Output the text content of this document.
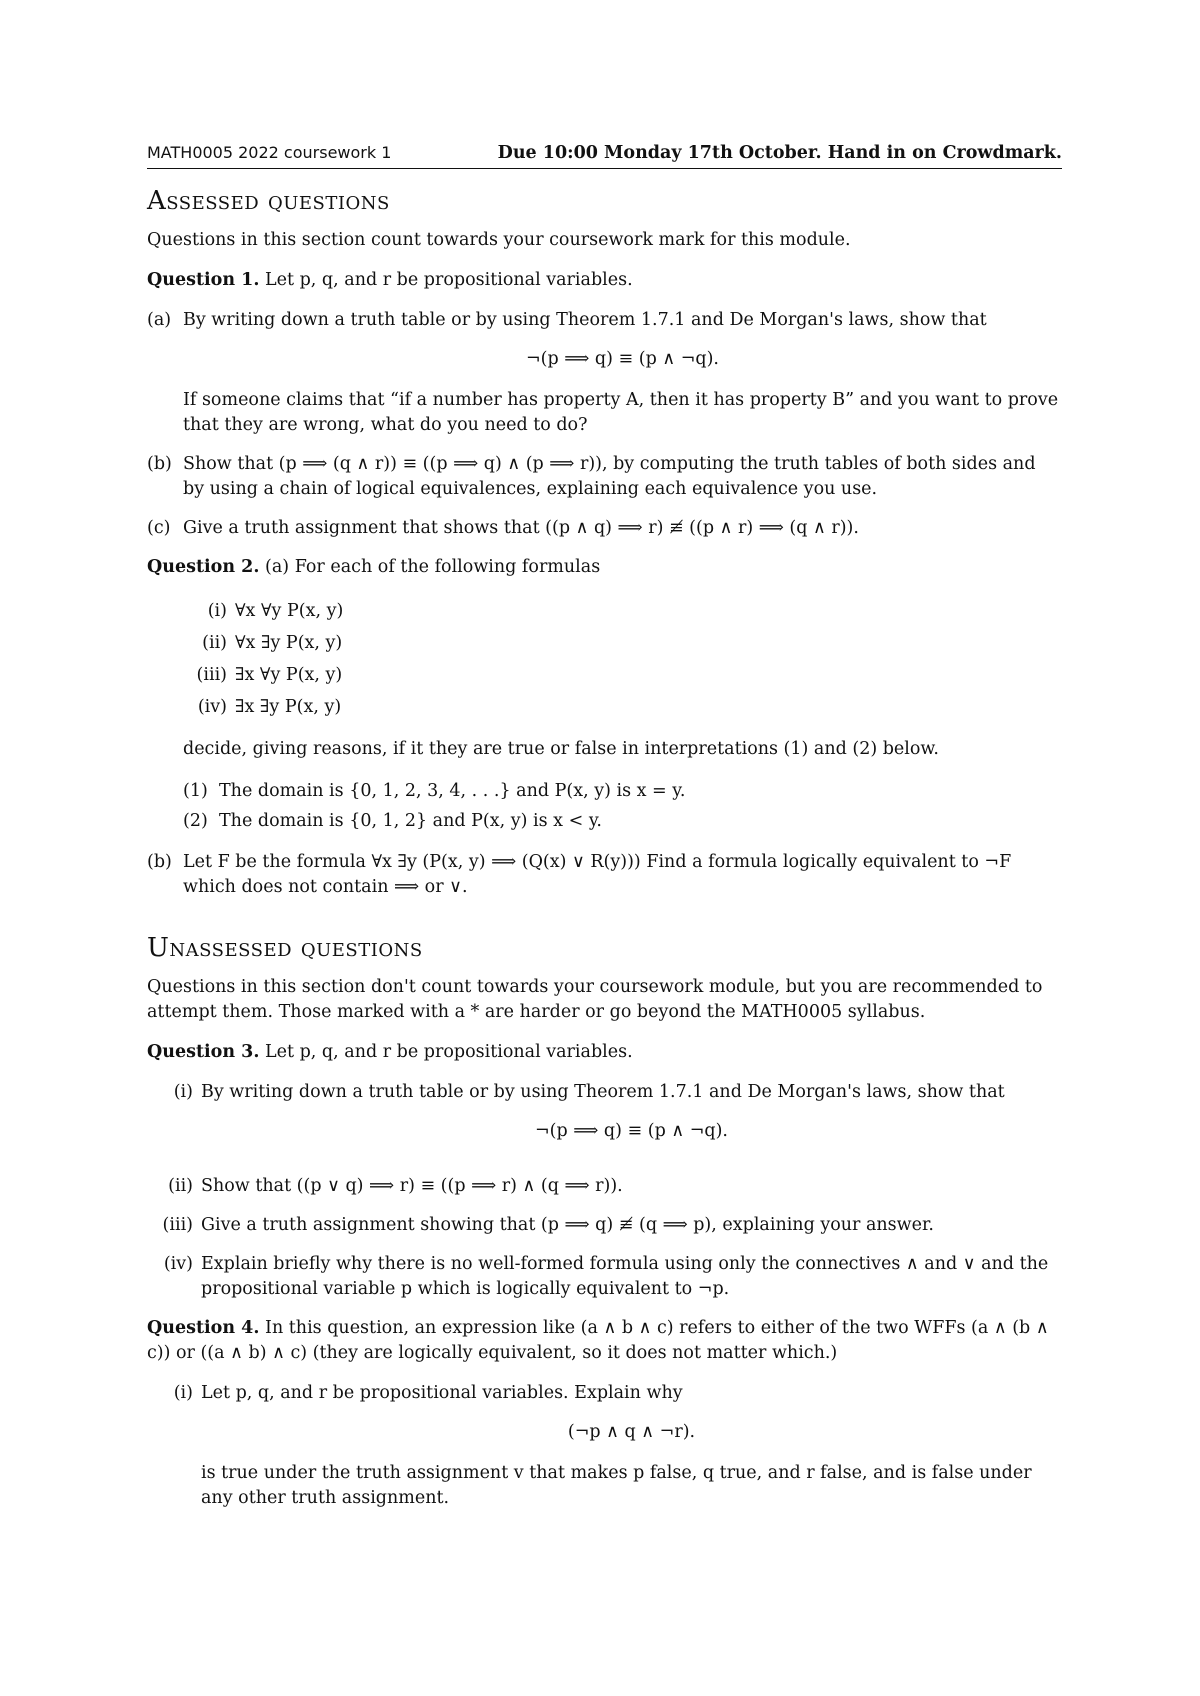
MATH0005 2022 coursework 1	Due 10:00 Monday 17th October. Hand in on Crowdmark.
Assessed questions

Questions in this section count towards your coursework mark for this module.

Question 1. Let p, q, and r be propositional variables.

(a) By writing down a truth table or by using Theorem 1.7.1 and De Morgan's laws, show that
¬(p ⟹ q) ≡ (p ∧ ¬q).
If someone claims that “if a number has property A, then it has property B” and you want to prove that they are wrong, what do you need to do?
(b) Show that (p ⟹ (q ∧ r)) ≡ ((p ⟹ q) ∧ (p ⟹ r)), by computing the truth tables of both sides and by using a chain of logical equivalences, explaining each equivalence you use.
(c) Give a truth assignment that shows that ((p ∧ q) ⟹ r) ≢ ((p ∧ r) ⟹ (q ∧ r)).

Question 2. (a) For each of the following formulas

(i) ∀x ∀y P(x, y)
(ii) ∀x ∃y P(x, y)
(iii) ∃x ∀y P(x, y)
(iv) ∃x ∃y P(x, y)

decide, giving reasons, if it they are true or false in interpretations (1) and (2) below.

(1) The domain is {0, 1, 2, 3, 4, . . .} and P(x, y) is x = y.
(2) The domain is {0, 1, 2} and P(x, y) is x < y.
(b) Let F be the formula ∀x ∃y (P(x, y) ⟹ (Q(x) ∨ R(y))) Find a formula logically equivalent to ¬F which does not contain ⟹ or ∨.
Unassessed questions

Questions in this section don't count towards your coursework module, but you are recommended to attempt them. Those marked with a * are harder or go beyond the MATH0005 syllabus.

Question 3. Let p, q, and r be propositional variables.

(i) By writing down a truth table or by using Theorem 1.7.1 and De Morgan's laws, show that
¬(p ⟹ q) ≡ (p ∧ ¬q).
(ii) Show that ((p ∨ q) ⟹ r) ≡ ((p ⟹ r) ∧ (q ⟹ r)).
(iii) Give a truth assignment showing that (p ⟹ q) ≢ (q ⟹ p), explaining your answer.
(iv) Explain briefly why there is no well-formed formula using only the connectives ∧ and ∨ and the propositional variable p which is logically equivalent to ¬p.

Question 4. In this question, an expression like (a ∧ b ∧ c) refers to either of the two WFFs (a ∧ (b ∧ c)) or ((a ∧ b) ∧ c) (they are logically equivalent, so it does not matter which.)

(i) Let p, q, and r be propositional variables. Explain why
(¬p ∧ q ∧ ¬r).
is true under the truth assignment v that makes p false, q true, and r false, and is false under any other truth assignment.
